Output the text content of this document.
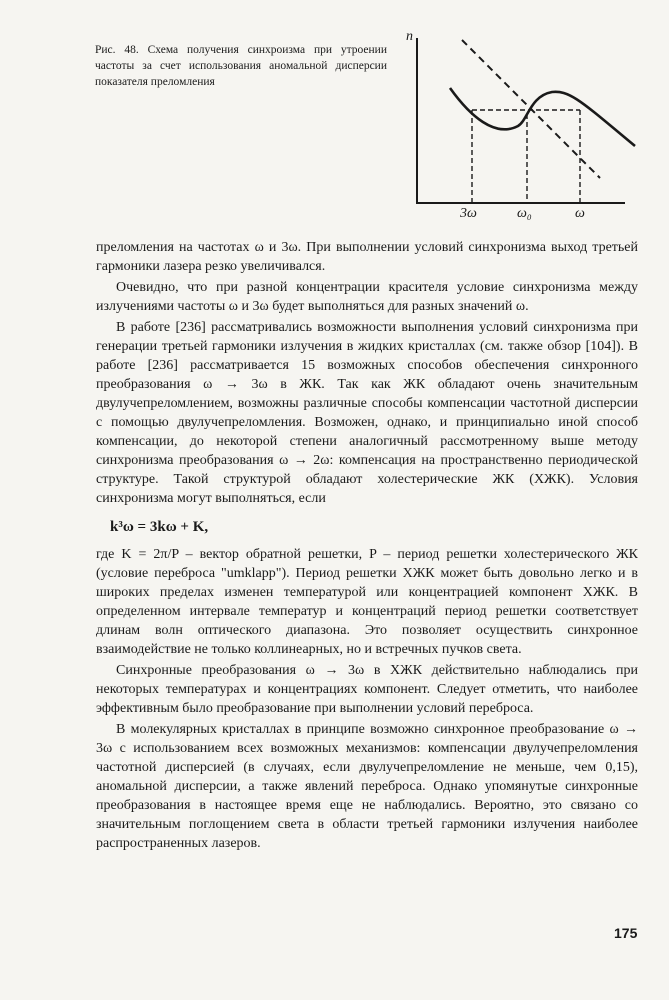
Рис. 48. Схема получения синхроизма при утроении частоты за счет использования аномальной дисперсии показателя преломления
n
3ω	ω₀	ω

преломления на частотах ω и 3ω. При выполнении условий синхронизма выход третьей гармоники лазера резко увеличивался.

Очевидно, что при разной концентрации красителя условие синхронизма между излучениями частоты ω и 3ω будет выполняться для разных значений ω.

В работе [236] рассматривались возможности выполнения условий синхронизма при генерации третьей гармоники излучения в жидких кристаллах (см. также обзор [104]). В работе [236] рассматривается 15 возможных способов обеспечения синхронного преобразования ω → 3ω в ЖК. Так как ЖК обладают очень значительным двулучепреломлением, возможны различные способы компенсации частотной дисперсии с помощью двулучепреломления. Возможен, однако, и принципиально иной способ компенсации, до некоторой степени аналогичный рассмотренному выше методу синхронизма преобразования ω → 2ω: компенсация на пространственно периодической структуре. Такой структурой обладают холестерические ЖК (ХЖК). Условия синхронизма могут выполняться, если

k³ω = 3kω + K,

где K = 2π/P – вектор обратной решетки, P – период решетки холестерического ЖК (условие переброса "umklapp"). Период решетки ХЖК может быть довольно легко и в широких пределах изменен температурой или концентрацией компонент ХЖК. В определенном интервале температур и концентраций период решетки соответствует длинам волн оптического диапазона. Это позволяет осуществить синхронное взаимодействие не только коллинеарных, но и встречных пучков света.

Синхронные преобразования ω → 3ω в ХЖК действительно наблюдались при некоторых температурах и концентрациях компонент. Следует отметить, что наиболее эффективным было преобразование при выполнении условий переброса.

В молекулярных кристаллах в принципе возможно синхронное преобразование ω → 3ω с использованием всех возможных механизмов: компенсации двулучепреломления частотной дисперсией (в случаях, если двулучепреломление не меньше, чем 0,15), аномальной дисперсии, а также явлений переброса. Однако упомянутые синхронные преобразования в настоящее время еще не наблюдались. Вероятно, это связано со значительным поглощением света в области третьей гармоники излучения наиболее распространенных лазеров.

175
